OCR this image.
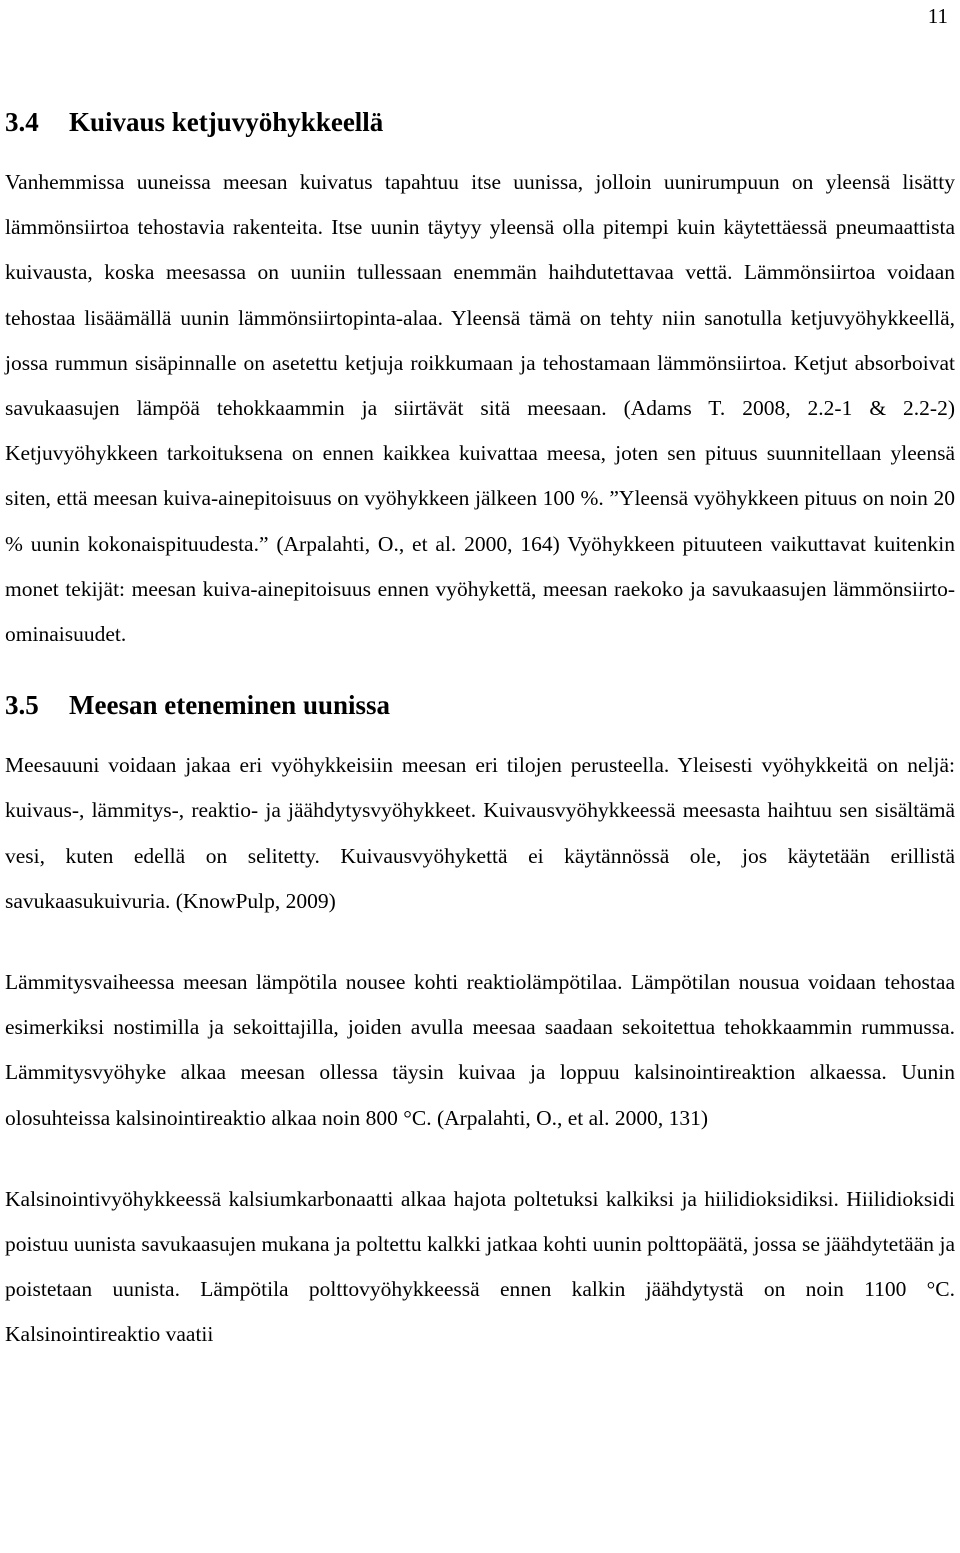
11
3.4	Kuivaus ketjuvyöhykkeellä

Vanhemmissa uuneissa meesan kuivatus tapahtuu itse uunissa, jolloin uunirumpuun on yleensä lisätty lämmönsiirtoa tehostavia rakenteita. Itse uunin täytyy yleensä olla pitempi kuin käytettäessä pneumaattista kuivausta, koska meesassa on uuniin tullessaan enemmän haihdutettavaa vettä. Lämmönsiirtoa voidaan tehostaa lisäämällä uunin lämmönsiirtopinta-alaa. Yleensä tämä on tehty niin sanotulla ketjuvyöhykkeellä, jossa rummun sisäpinnalle on asetettu ketjuja roikkumaan ja tehostamaan lämmönsiirtoa. Ketjut absorboivat savukaasujen lämpöä tehokkaammin ja siirtävät sitä meesaan. (Adams T. 2008, 2.2-1 & 2.2-2) Ketjuvyöhykkeen tarkoituksena on ennen kaikkea kuivattaa meesa, joten sen pituus suunnitellaan yleensä siten, että meesan kuiva-ainepitoisuus on vyöhykkeen jälkeen 100 %. ”Yleensä vyöhykkeen pituus on noin 20 % uunin kokonaispituudesta.” (Arpalahti, O., et al. 2000, 164) Vyöhykkeen pituuteen vaikuttavat kuitenkin monet tekijät: meesan kuiva-ainepitoisuus ennen vyöhykettä, meesan raekoko ja savukaasujen lämmönsiirto-ominaisuudet.

3.5	Meesan eteneminen uunissa

Meesauuni voidaan jakaa eri vyöhykkeisiin meesan eri tilojen perusteella. Yleisesti vyöhykkeitä on neljä: kuivaus-, lämmitys-, reaktio- ja jäähdytysvyöhykkeet. Kuivausvyöhykkeessä meesasta haihtuu sen sisältämä vesi, kuten edellä on selitetty. Kuivausvyöhykettä ei käytännössä ole, jos käytetään erillistä savukaasukuivuria. (KnowPulp, 2009)

Lämmitysvaiheessa meesan lämpötila nousee kohti reaktiolämpötilaa. Lämpötilan nousua voidaan tehostaa esimerkiksi nostimilla ja sekoittajilla, joiden avulla meesaa saadaan sekoitettua tehokkaammin rummussa. Lämmitysvyöhyke alkaa meesan ollessa täysin kuivaa ja loppuu kalsinointireaktion alkaessa. Uunin olosuhteissa kalsinointireaktio alkaa noin 800 °C. (Arpalahti, O., et al. 2000, 131)

Kalsinointivyöhykkeessä kalsiumkarbonaatti alkaa hajota poltetuksi kalkiksi ja hiilidioksidiksi. Hiilidioksidi poistuu uunista savukaasujen mukana ja poltettu kalkki jatkaa kohti uunin polttopäätä, jossa se jäähdytetään ja poistetaan uunista. Lämpötila polttovyöhykkeessä ennen kalkin jäähdytystä on noin 1100 °C. Kalsinointireaktio vaatii
